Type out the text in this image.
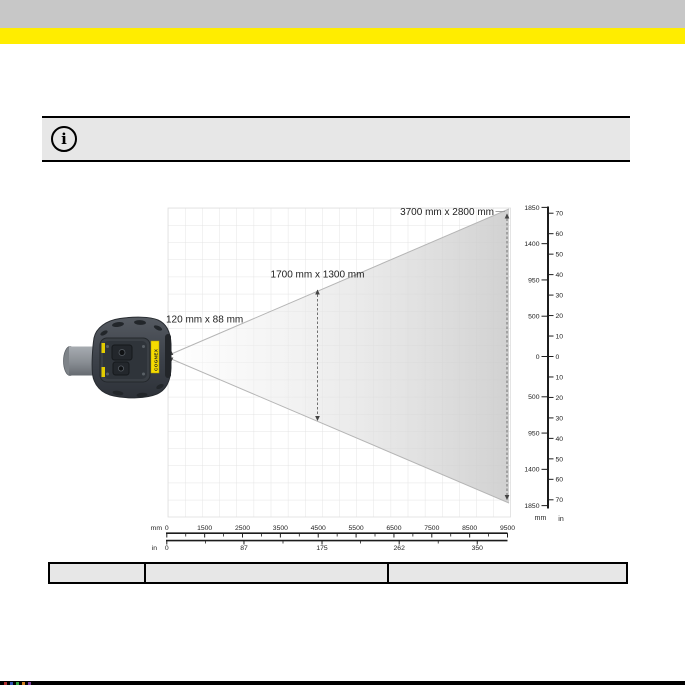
i
120 mm x 88 mm
1700 mm x 1300 mm
3700 mm x 2800 mm	1850
1400
950
500
0
500
950
1400
1850
70
60
50
40
30
20
10
0
10
20
30
40
50
60
70
mm in
0	1500	2500	3500	4500	5500	6500	7500	8500	9500
mm
0	87	175	262	350
in
COGNEX
